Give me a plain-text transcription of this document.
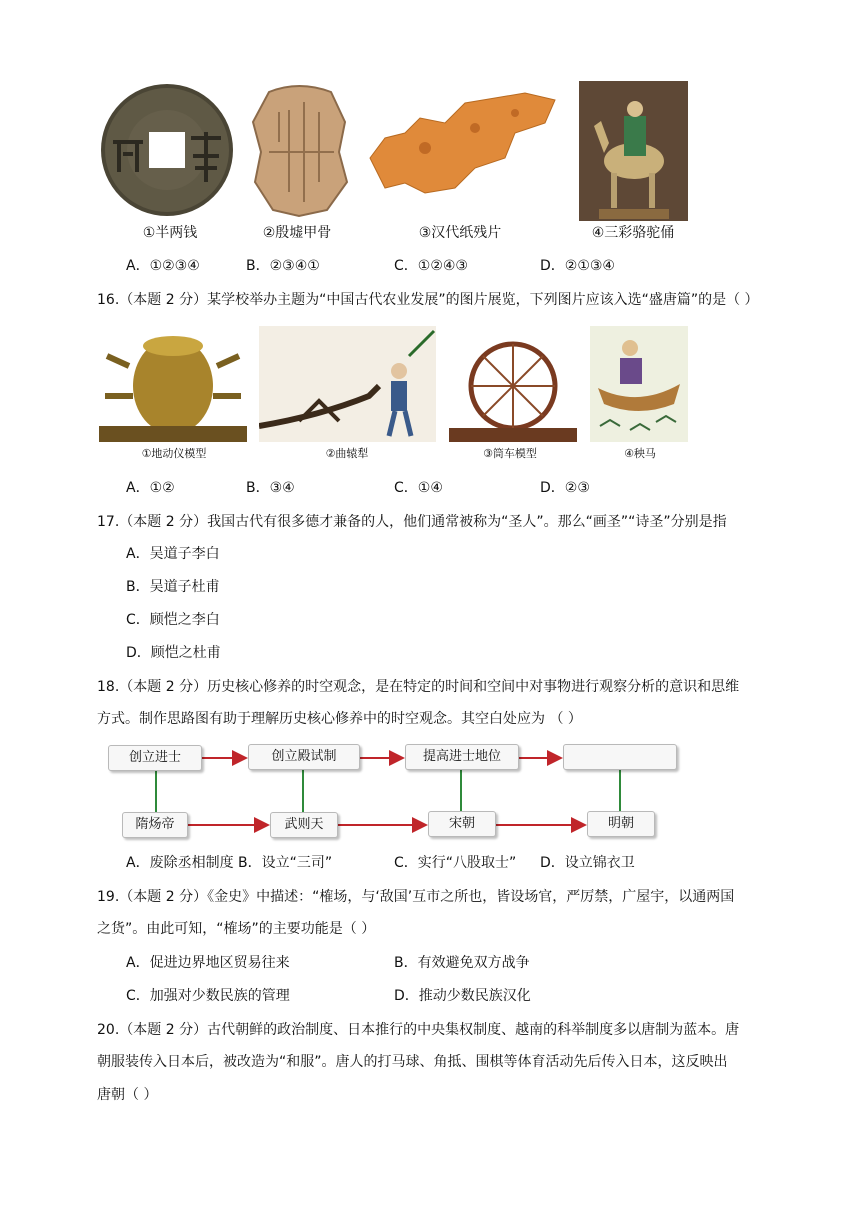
①半两钱	②殷墟甲骨	③汉代纸残片	④三彩骆驼俑
A．①②③④	B．②③④①	C．①②④③	D．②①③④
16.（本题 2 分）某学校举办主题为“中国古代农业发展”的图片展览，下列图片应该入选“盛唐篇”的是（ ）
①地动仪模型	②曲辕犁	③筒车模型	④秧马
A．①②	B．③④	C．①④	D．②③
17.（本题 2 分）我国古代有很多德才兼备的人，他们通常被称为“圣人”。那么“画圣”“诗圣”分别是指
A．吴道子李白
B．吴道子杜甫
C．顾恺之李白
D．顾恺之杜甫
18.（本题 2 分）历史核心修养的时空观念，是在特定的时间和空间中对事物进行观察分析的意识和思维
方式。制作思路图有助于理解历史核心修养中的时空观念。其空白处应为 （ ）
创立进士	创立殿试制	提高进士地位
隋炀帝	武则天	宋朝	明朝
A．废除丞相制度 B．设立“三司”	C．实行“八股取士” D．设立锦衣卫
19.（本题 2 分）《金史》中描述：“榷场，与‘敌国’互市之所也，皆设场官，严厉禁，广屋宇，以通两国
之货”。由此可知，“榷场”的主要功能是（ ）
A．促进边界地区贸易往来	B．有效避免双方战争
C．加强对少数民族的管理	D．推动少数民族汉化
20.（本题 2 分）古代朝鲜的政治制度、日本推行的中央集权制度、越南的科举制度多以唐制为蓝本。唐
朝服装传入日本后，被改造为“和服”。唐人的打马球、角抵、围棋等体育活动先后传入日本，这反映出
唐朝（ ）
